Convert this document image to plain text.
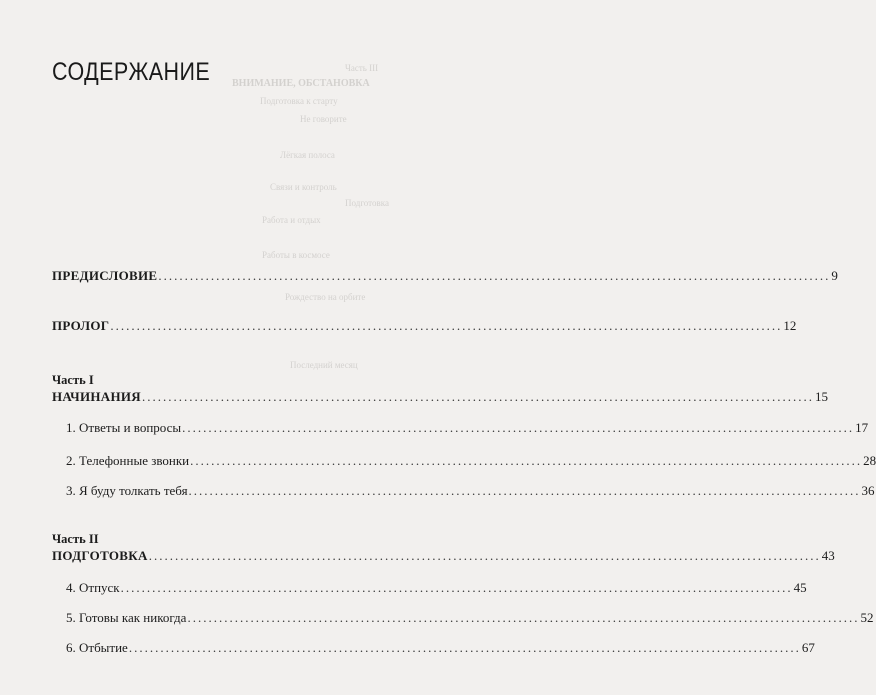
Часть III
ВНИМАНИЕ, ОБСТАНОВКА
Подготовка к старту
Не говорите
Лёгкая полоса
Связи и контроль
Подготовка
Работа и отдых
Работы в космосе
Рождество на орбите
Последний месяц
СОДЕРЖАНИЕ
ПРЕДИСЛОВИЕ ................................................................................................................................ 9
ПРОЛОГ ................................................................................................................................ 12
Часть I
НАЧИНАНИЯ ................................................................................................................................ 15
1. Ответы и вопросы ................................................................................................................................ 17
2. Телефонные звонки ................................................................................................................................ 28
3. Я буду толкать тебя ................................................................................................................................ 36
Часть II
ПОДГОТОВКА ................................................................................................................................ 43
4. Отпуск ................................................................................................................................ 45
5. Готовы как никогда ................................................................................................................................ 52
6. Отбытие ................................................................................................................................ 67
